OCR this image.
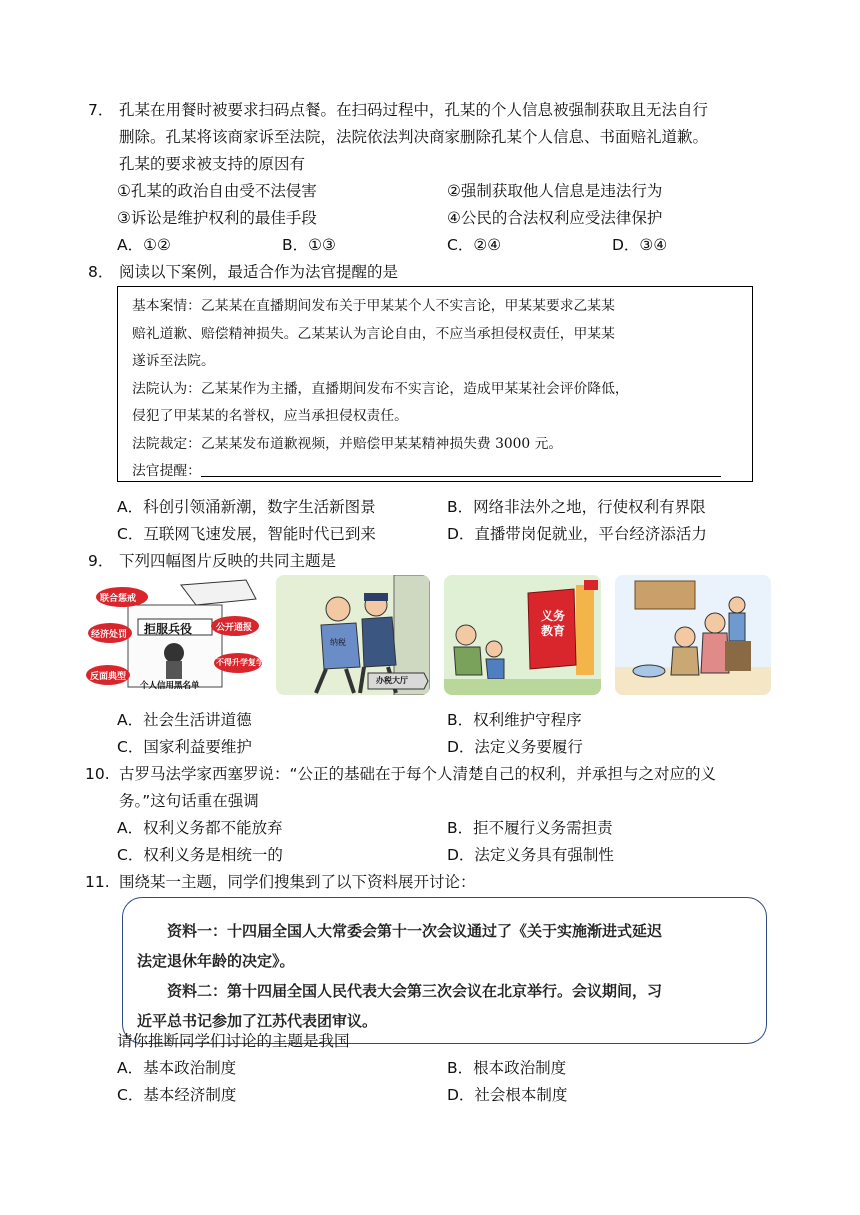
7． 孔某在用餐时被要求扫码点餐。在扫码过程中，孔某的个人信息被强制获取且无法自行
删除。孔某将该商家诉至法院，法院依法判决商家删除孔某个人信息、书面赔礼道歉。
孔某的要求被支持的原因有
①孔某的政治自由受不法侵害	②强制获取他人信息是违法行为
③诉讼是维护权利的最佳手段	④公民的合法权利应受法律保护
A．①②	B．①③	C．②④	D．③④
8． 阅读以下案例，最适合作为法官提醒的是
基本案情：乙某某在直播期间发布关于甲某某个人不实言论，甲某某要求乙某某
赔礼道歉、赔偿精神损失。乙某某认为言论自由，不应当承担侵权责任，甲某某
遂诉至法院。
法院认为：乙某某作为主播，直播期间发布不实言论，造成甲某某社会评价降低，
侵犯了甲某某的名誉权，应当承担侵权责任。
法院裁定：乙某某发布道歉视频，并赔偿甲某某精神损失费 3000 元。
法官提醒：
A．科创引领涌新潮，数字生活新图景	B．网络非法外之地，行使权利有界限
C．互联网飞速发展，智能时代已到来	D．直播带岗促就业，平台经济添活力
9． 下列四幅图片反映的共同主题是
联合惩戒
公开通报
经济处罚
不得升学复学
反面典型
拒服兵役
个人信用黑名单
纳税
办税大厅
义务教育
A．社会生活讲道德	B．权利维护守程序
C．国家利益要维护	D．法定义务要履行
10. 古罗马法学家西塞罗说：“公正的基础在于每个人清楚自己的权利，并承担与之对应的义
务。”这句话重在强调
A．权利义务都不能放弃	B．拒不履行义务需担责
C．权利义务是相统一的	D．法定义务具有强制性
11. 围绕某一主题，同学们搜集到了以下资料展开讨论：
　　资料一：十四届全国人大常委会第十一次会议通过了《关于实施渐进式延迟
法定退休年龄的决定》。
　　资料二：第十四届全国人民代表大会第三次会议在北京举行。会议期间，习
近平总书记参加了江苏代表团审议。
请你推断同学们讨论的主题是我国
A．基本政治制度	B．根本政治制度
C．基本经济制度	D．社会根本制度
